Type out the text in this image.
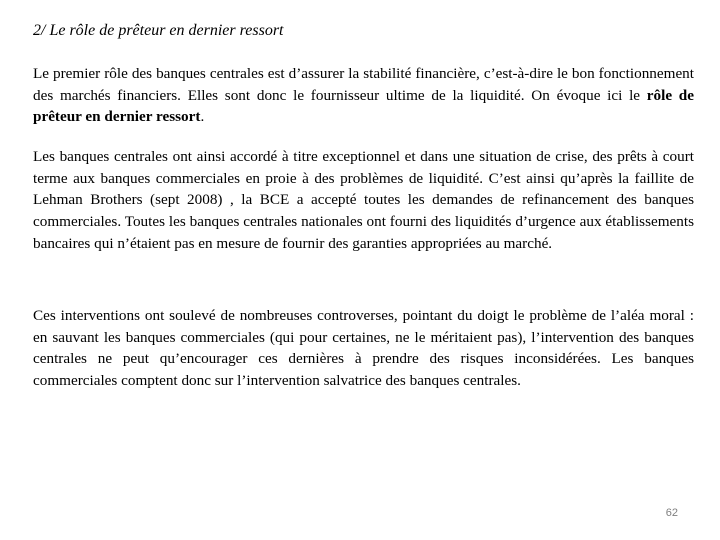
2/ Le rôle de prêteur en dernier ressort

Le premier rôle des banques centrales est d’assurer la stabilité financière, c’est-à-dire le bon fonctionnement des marchés financiers. Elles sont donc le fournisseur ultime de la liquidité. On évoque ici le rôle de prêteur en dernier ressort.

Les banques centrales ont ainsi accordé à titre exceptionnel et dans une situation de crise, des prêts à court terme aux banques commerciales en proie à des problèmes de liquidité. C’est ainsi qu’après la faillite de Lehman Brothers (sept 2008) , la BCE a accepté toutes les demandes de refinancement des banques commerciales. Toutes les banques centrales nationales ont fourni des liquidités d’urgence aux établissements bancaires qui n’étaient pas en mesure de fournir des garanties appropriées au marché.

Ces interventions ont soulevé de nombreuses controverses, pointant du doigt le problème de l’aléa moral : en sauvant les banques commerciales (qui pour certaines, ne le méritaient pas), l’intervention des banques centrales ne peut qu’encourager ces dernières à prendre des risques inconsidérées. Les banques commerciales comptent donc sur l’intervention salvatrice des banques centrales.

62
